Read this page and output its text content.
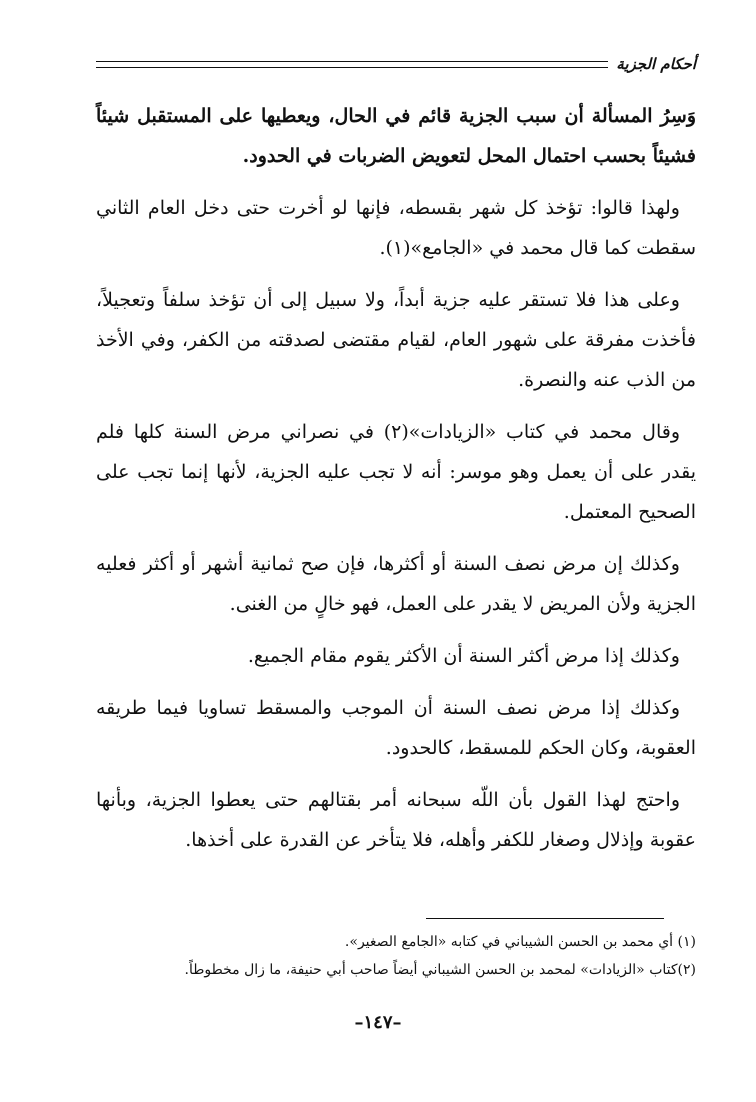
أحكام الجزية

وَسِرُ المسألة أن سبب الجزية قائم في الحال، ويعطيها على المستقبل شيئاً فشيئاً بحسب احتمال المحل لتعويض الضربات في الحدود.

ولهذا قالوا: تؤخذ كل شهر بقسطه، فإنها لو أخرت حتى دخل العام الثاني سقطت كما قال محمد في «الجامع»(١).

وعلى هذا فلا تستقر عليه جزية أبداً، ولا سبيل إلى أن تؤخذ سلفاً وتعجيلاً، فأخذت مفرقة على شهور العام، لقيام مقتضى لصدقته من الكفر، وفي الأخذ من الذب عنه والنصرة.

وقال محمد في كتاب «الزيادات»(٢) في نصراني مرض السنة كلها فلم يقدر على أن يعمل وهو موسر: أنه لا تجب عليه الجزية، لأنها إنما تجب على الصحيح المعتمل.

وكذلك إن مرض نصف السنة أو أكثرها، فإن صح ثمانية أشهر أو أكثر فعليه الجزية ولأن المريض لا يقدر على العمل، فهو خالٍ من الغنى.

وكذلك إذا مرض أكثر السنة أن الأكثر يقوم مقام الجميع.

وكذلك إذا مرض نصف السنة أن الموجب والمسقط تساويا فيما طريقه العقوبة، وكان الحكم للمسقط، كالحدود.

واحتج لهذا القول بأن اللّه سبحانه أمر بقتالهم حتى يعطوا الجزية، وبأنها عقوبة وإذلال وصغار للكفر وأهله، فلا يتأخر عن القدرة على أخذها.

(١) أي محمد بن الحسن الشيباني في كتابه «الجامع الصغير».

(٢)كتاب «الزيادات» لمحمد بن الحسن الشيباني أيضاً صاحب أبي حنيفة، ما زال مخطوطاً.

–١٤٧–
